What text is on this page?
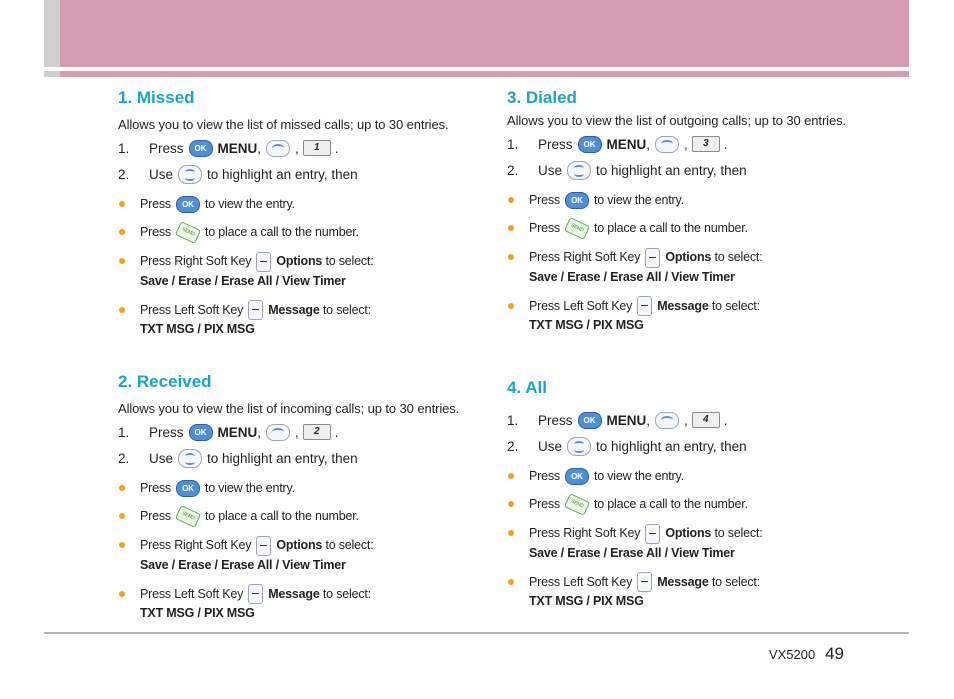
1. Missed
Allows you to view the list of missed calls; up to 30 entries.
1.	Press	OK MENU ,	,	1	.
2.	Use	to highlight an entry, then
Press OK to view the entry.
Press SEND to place a call to the number.
Press Right Soft Key Options to select:
Save / Erase / Erase All / View Timer
Press Left Soft Key Message to select:
TXT MSG / PIX MSG
2. Received
Allows you to view the list of incoming calls; up to 30 entries.
1.	Press	OK MENU ,	,	2	.
2.	Use	to highlight an entry, then
Press OK to view the entry.
Press SEND to place a call to the number.
Press Right Soft Key Options to select:
Save / Erase / Erase All / View Timer
Press Left Soft Key Message to select:
TXT MSG / PIX MSG
3. Dialed
Allows you to view the list of outgoing calls; up to 30 entries.
1.	Press	OK MENU ,	,	3	.
2.	Use	to highlight an entry, then
Press OK to view the entry.
Press SEND to place a call to the number.
Press Right Soft Key Options to select:
Save / Erase / Erase All / View Timer
Press Left Soft Key Message to select:
TXT MSG / PIX MSG
4. All
1.	Press	OK MENU ,	,	4	.
2.	Use	to highlight an entry, then
Press OK to view the entry.
Press SEND to place a call to the number.
Press Right Soft Key Options to select:
Save / Erase / Erase All / View Timer
Press Left Soft Key Message to select:
TXT MSG / PIX MSG
VX5200 49
